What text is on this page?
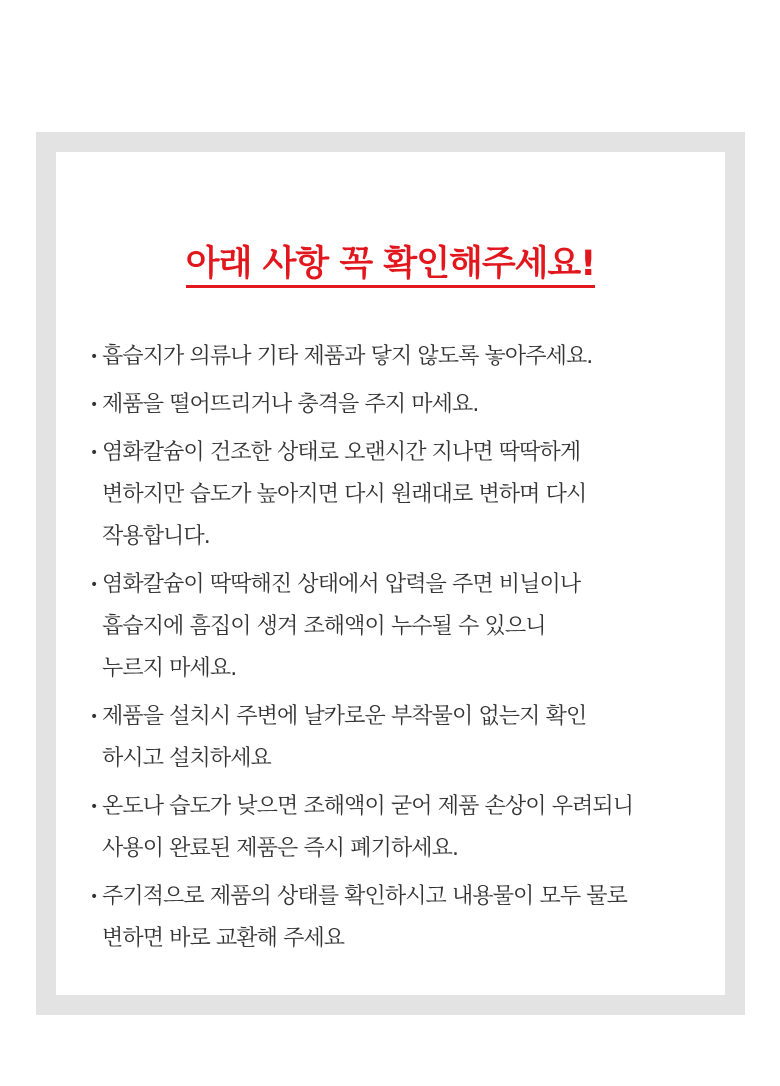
아래 사항 꼭 확인해주세요!
• 흡습지가 의류나 기타 제품과 닿지 않도록 놓아주세요.
• 제품을 떨어뜨리거나 충격을 주지 마세요.
• 염화칼슘이 건조한 상태로 오랜시간 지나면 딱딱하게
변하지만 습도가 높아지면 다시 원래대로 변하며 다시
작용합니다.
• 염화칼슘이 딱딱해진 상태에서 압력을 주면 비닐이나
흡습지에 흠집이 생겨 조해액이 누수될 수 있으니
누르지 마세요.
• 제품을 설치시 주변에 날카로운 부착물이 없는지 확인
하시고 설치하세요
• 온도나 습도가 낮으면 조해액이 굳어 제품 손상이 우려되니
사용이 완료된 제품은 즉시 폐기하세요.
• 주기적으로 제품의 상태를 확인하시고 내용물이 모두 물로
변하면 바로 교환해 주세요
